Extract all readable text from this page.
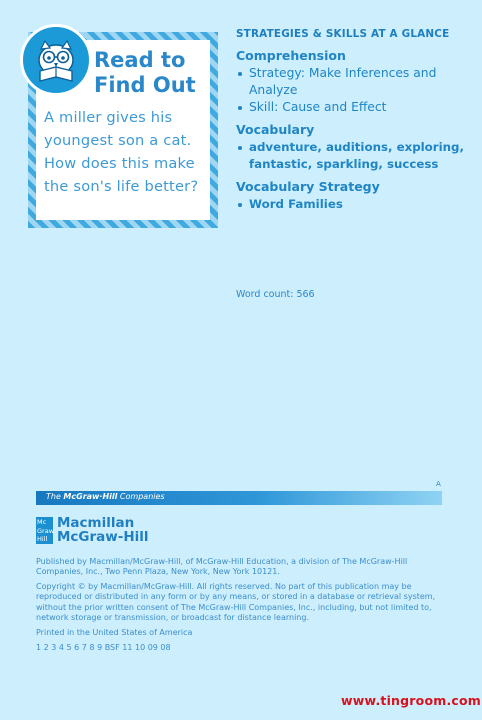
Read to
Find Out
A miller gives his youngest son a cat. How does this make the son's life better?
STRATEGIES & SKILLS AT A GLANCE
Comprehension
Strategy: Make Inferences and Analyze
Skill: Cause and Effect
Vocabulary
adventure, auditions, exploring, fantastic, sparkling, success
Vocabulary Strategy
Word Families
Word count: 566
A
The McGraw·Hill Companies
Mc
Graw
Hill
Macmillan
McGraw-Hill
Published by Macmillan/McGraw-Hill, of McGraw-Hill Education, a division of The McGraw-Hill Companies, Inc., Two Penn Plaza, New York, New York 10121.
Copyright © by Macmillan/McGraw-Hill. All rights reserved. No part of this publication may be reproduced or distributed in any form or by any means, or stored in a database or retrieval system, without the prior written consent of The McGraw-Hill Companies, Inc., including, but not limited to, network storage or transmission, or broadcast for distance learning.
Printed in the United States of America
1 2 3 4 5 6 7 8 9 BSF 11 10 09 08
www.tingroom.com
